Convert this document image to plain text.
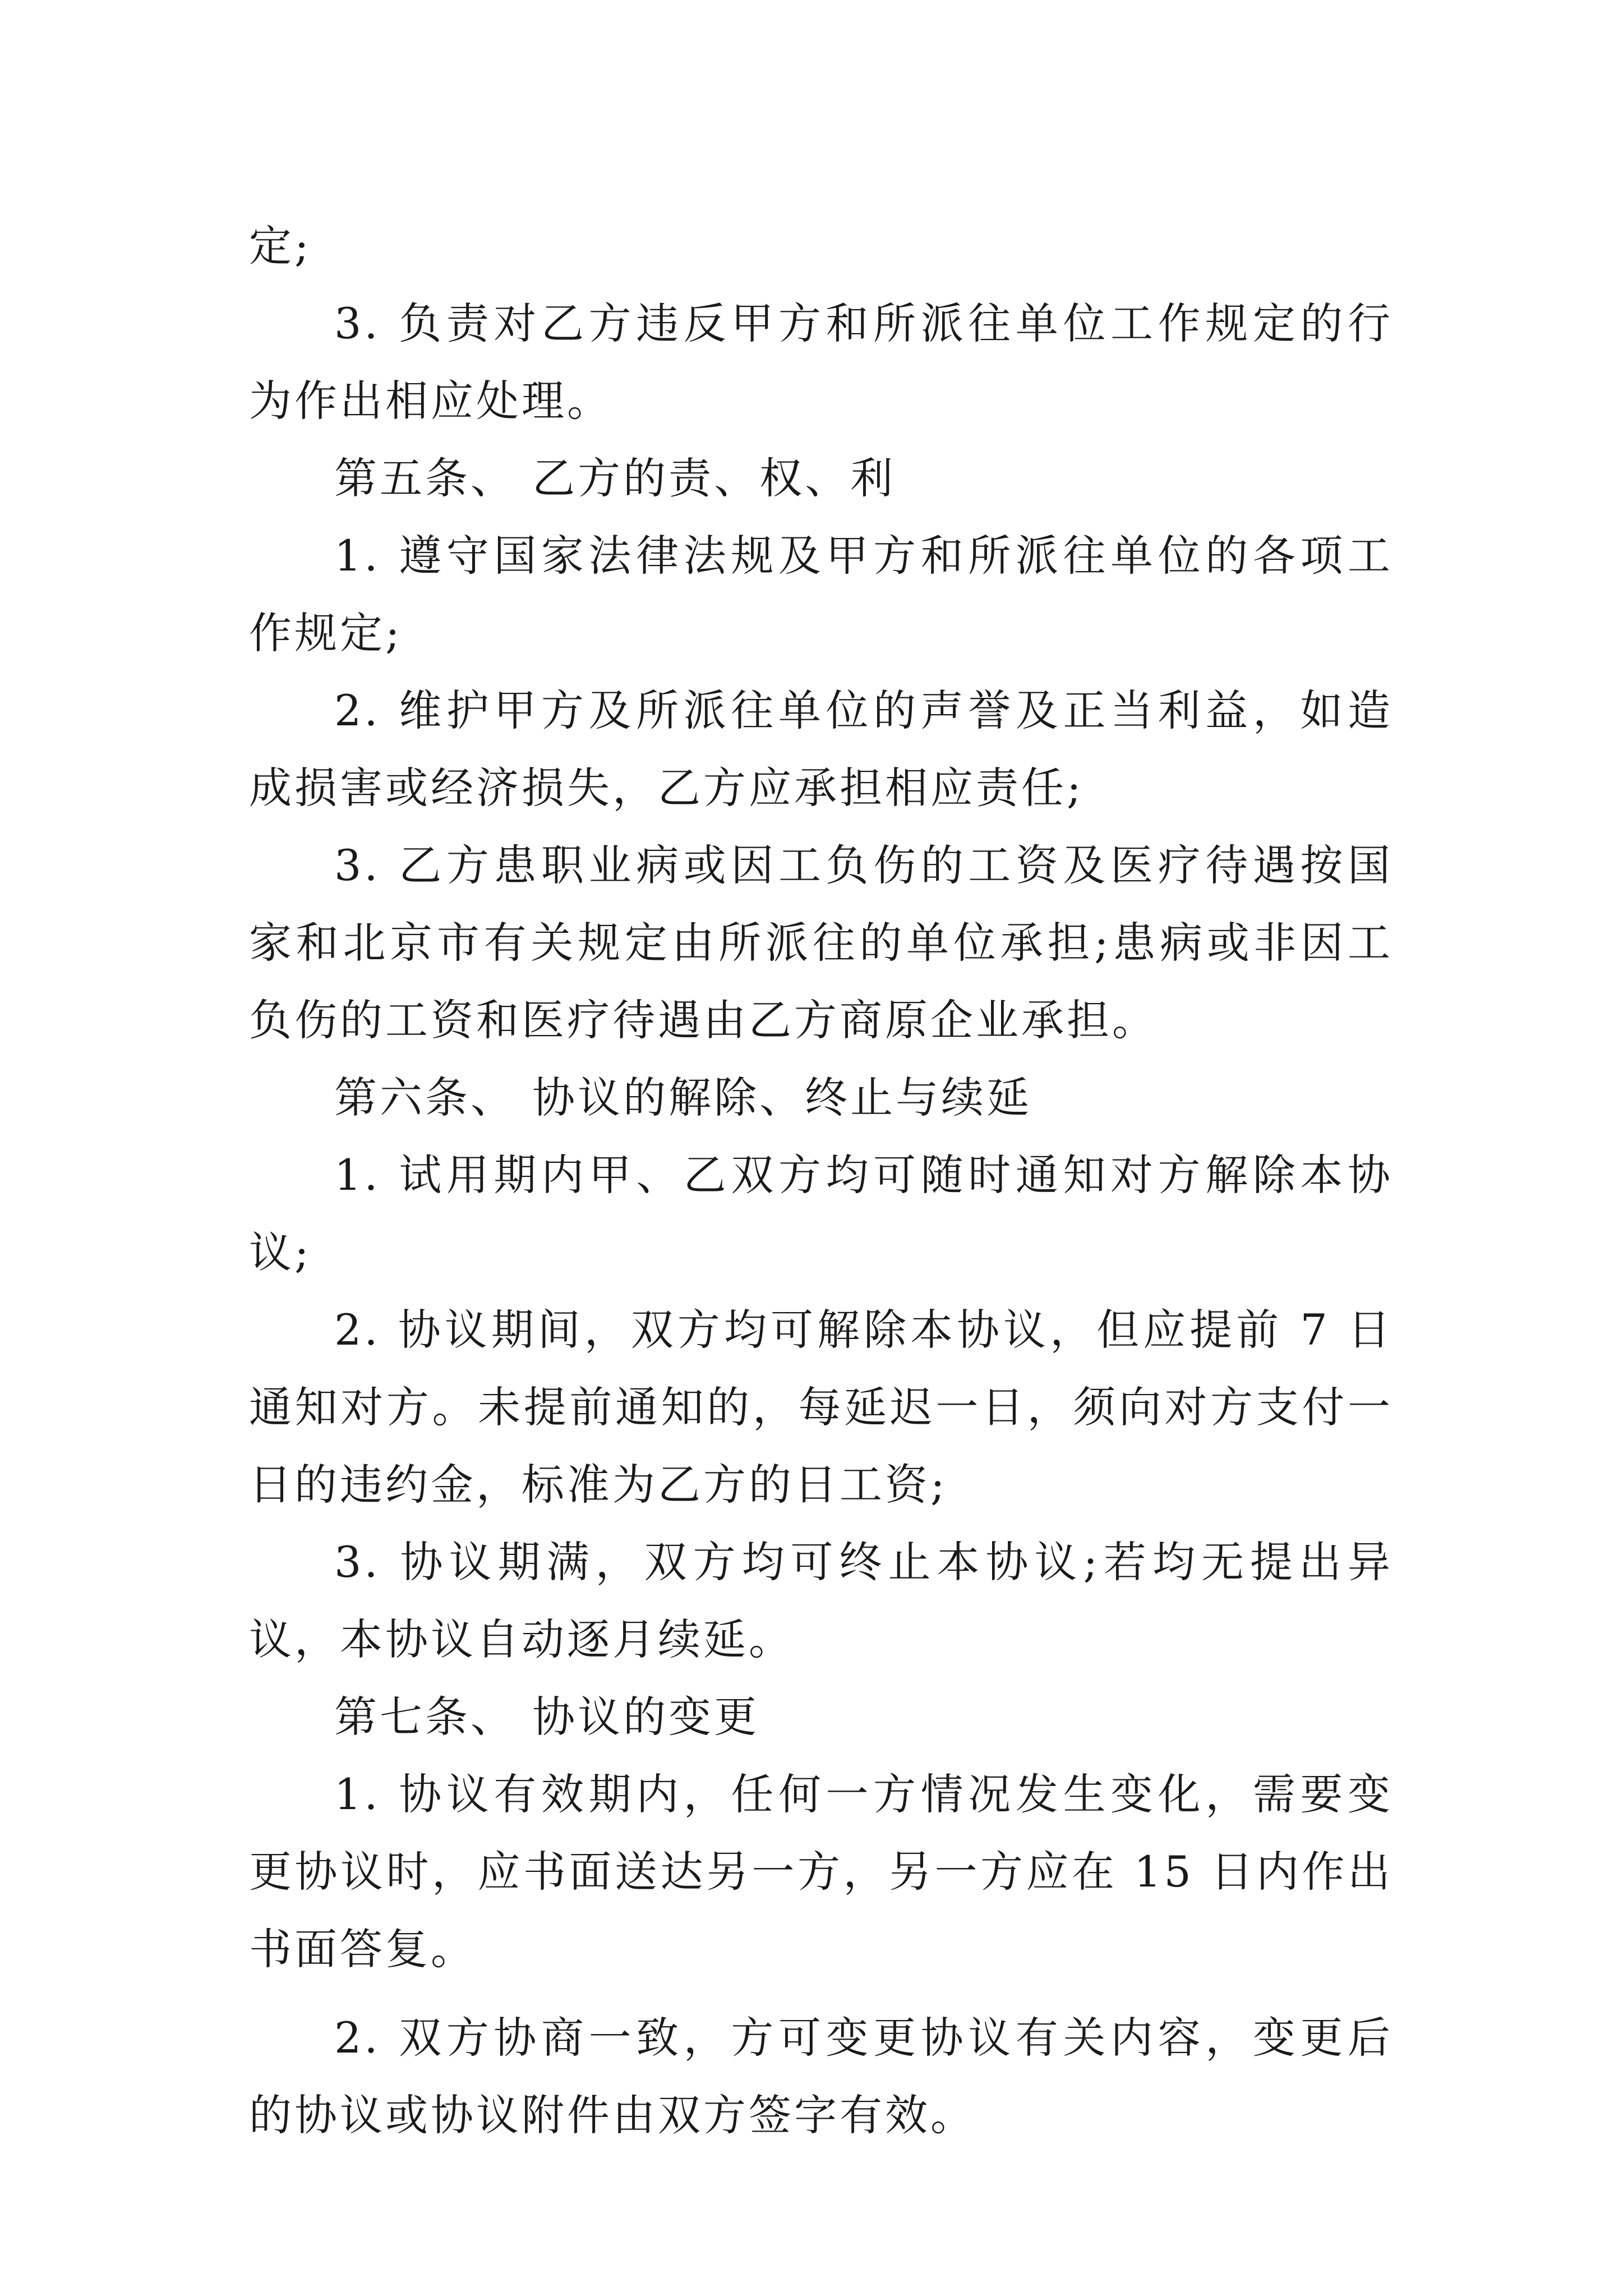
定;

3. 负责对乙方违反甲方和所派往单位工作规定的行为作出相应处理。

第五条、 乙方的责、权、利

1. 遵守国家法律法规及甲方和所派往单位的各项工作规定;

2. 维护甲方及所派往单位的声誉及正当利益，如造成损害或经济损失，乙方应承担相应责任;

3. 乙方患职业病或因工负伤的工资及医疗待遇按国家和北京市有关规定由所派往的单位承担;患病或非因工负伤的工资和医疗待遇由乙方商原企业承担。

第六条、 协议的解除、终止与续延

1. 试用期内甲、乙双方均可随时通知对方解除本协议;

2. 协议期间，双方均可解除本协议，但应提前 7 日通知对方。未提前通知的，每延迟一日，须向对方支付一日的违约金，标准为乙方的日工资;

3. 协议期满，双方均可终止本协议;若均无提出异议，本协议自动逐月续延。

第七条、 协议的变更

1. 协议有效期内，任何一方情况发生变化，需要变更协议时，应书面送达另一方，另一方应在 15 日内作出书面答复。

2. 双方协商一致，方可变更协议有关内容，变更后的协议或协议附件由双方签字有效。
